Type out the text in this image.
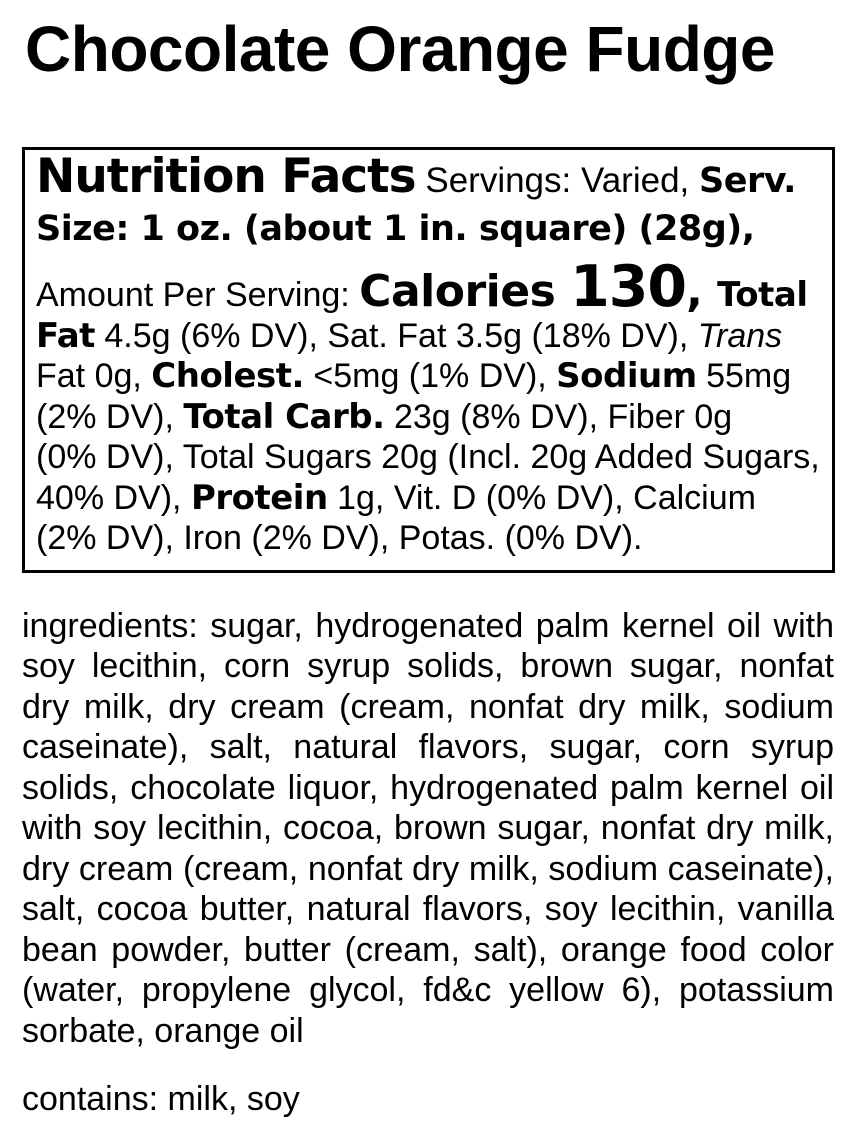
Chocolate Orange Fudge

Nutrition Facts Servings: Varied, Serv. Size: 1 oz. (about 1 in. square) (28g),

Amount Per Serving: Calories 130, Total Fat 4.5g (6% DV), Sat. Fat 3.5g (18% DV), Trans Fat 0g, Cholest. <5mg (1% DV), Sodium 55mg (2% DV), Total Carb. 23g (8% DV), Fiber 0g (0% DV), Total Sugars 20g (Incl. 20g Added Sugars, 40% DV), Protein 1g, Vit. D (0% DV), Calcium (2% DV), Iron (2% DV), Potas. (0% DV).

ingredients: sugar, hydrogenated palm kernel oil with soy lecithin, corn syrup solids, brown sugar, nonfat dry milk, dry cream (cream, nonfat dry milk, sodium caseinate), salt, natural flavors, sugar, corn syrup solids, chocolate liquor, hydrogenated palm kernel oil with soy lecithin, cocoa, brown sugar, nonfat dry milk, dry cream (cream, nonfat dry milk, sodium caseinate), salt, cocoa butter, natural flavors, soy lecithin, vanilla bean powder, butter (cream, salt), orange food color (water, propylene glycol, fd&c yellow 6), potassium sorbate, orange oil

contains: milk, soy
